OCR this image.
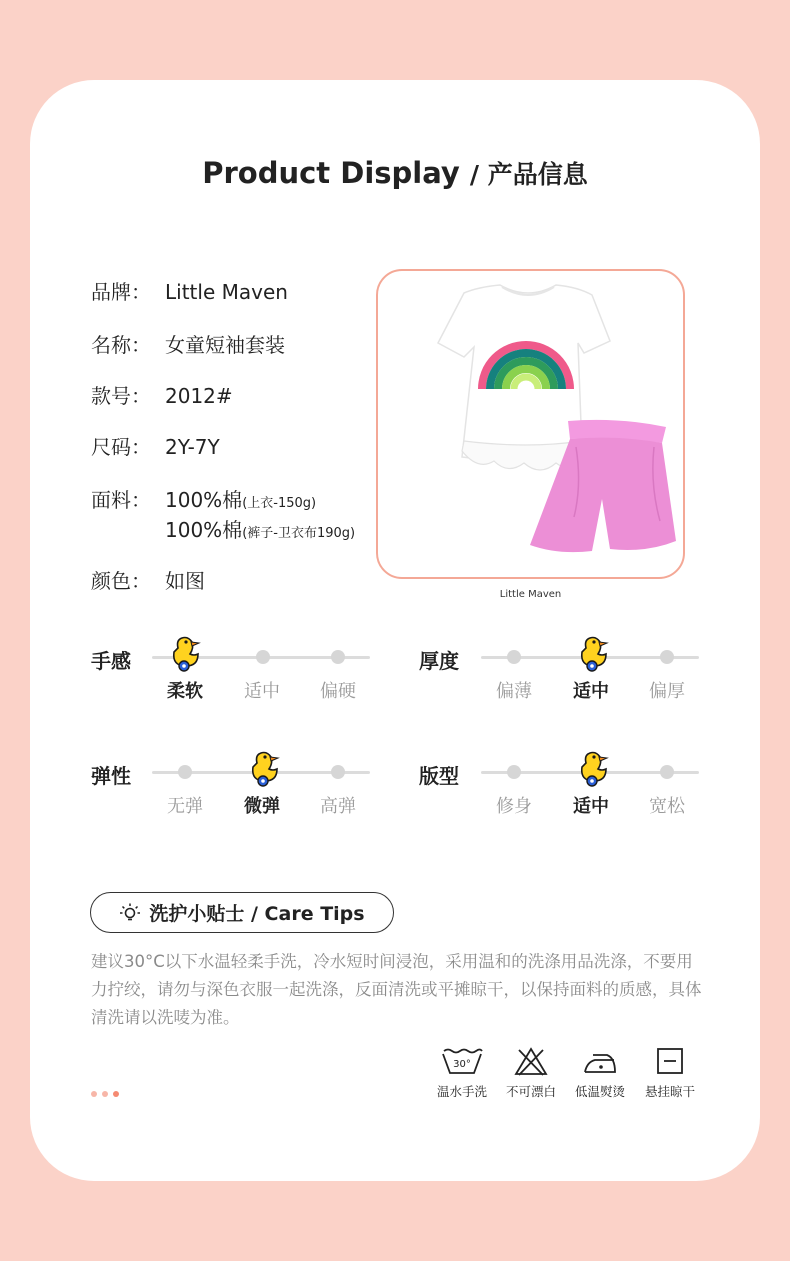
Product Display / 产品信息
品牌： Little Maven
名称： 女童短袖套装
款号： 2012#
尺码： 2Y-7Y
面料： 100%棉(上衣-150g)
100%棉(裤子-卫衣布190g)
颜色： 如图
Little Maven
手感
柔软	适中	偏硬
厚度
偏薄	适中	偏厚
弹性
无弹	微弹	高弹
版型
修身	适中	宽松
洗护小贴士 / Care Tips
建议30°C以下水温轻柔手洗，冷水短时间浸泡，采用温和的洗涤用品洗涤，不要用力拧绞，请勿与深色衣服一起洗涤，反面清洗或平摊晾干，以保持面料的质感，具体清洗请以洗唛为准。
30°
温水手洗	不可漂白	低温熨烫	悬挂晾干
